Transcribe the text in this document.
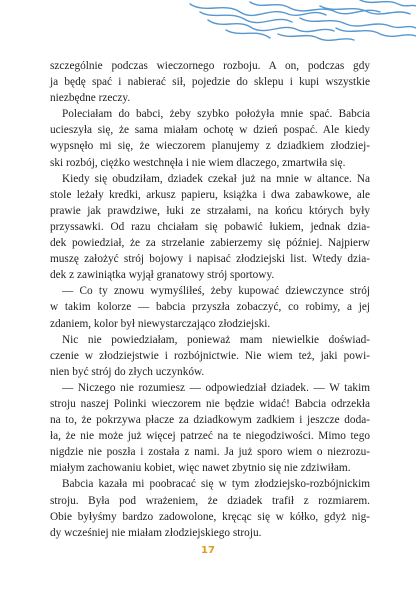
szczególnie podczas wieczornego rozboju. A on, podczas gdy
ja będę spać i nabierać sił, pojedzie do sklepu i kupi wszystkie
niezbędne rzeczy.
Poleciałam do babci, żeby szybko położyła mnie spać. Babcia
ucieszyła się, że sama miałam ochotę w dzień pospać. Ale kiedy
wypsnęło mi się, że wieczorem planujemy z dziadkiem złodziej-
ski rozbój, ciężko westchnęła i nie wiem dlaczego, zmartwiła się.
Kiedy się obudziłam, dziadek czekał już na mnie w altance. Na
stole leżały kredki, arkusz papieru, książka i dwa zabawkowe, ale
prawie jak prawdziwe, łuki ze strzałami, na końcu których były
przyssawki. Od razu chciałam się pobawić łukiem, jednak dzia-
dek powiedział, że za strzelanie zabierzemy się później. Najpierw
muszę założyć strój bojowy i napisać złodziejski list. Wtedy dzia-
dek z zawiniątka wyjął granatowy strój sportowy.
— Co ty znowu wymyśliłeś, żeby kupować dziewczynce strój
w takim kolorze — babcia przyszła zobaczyć, co robimy, a jej
zdaniem, kolor był niewystarczająco złodziejski.
Nic nie powiedziałam, ponieważ mam niewielkie doświad-
czenie w złodziejstwie i rozbójnictwie. Nie wiem też, jaki powi-
nien być strój do złych uczynków.
— Niczego nie rozumiesz — odpowiedział dziadek. — W takim
stroju naszej Polinki wieczorem nie będzie widać! Babcia odrzekła
na to, że pokrzywa płacze za dziadkowym zadkiem i jeszcze doda-
ła, że nie może już więcej patrzeć na te niegodziwości. Mimo tego
nigdzie nie poszła i została z nami. Ja już sporo wiem o niezrozu-
miałym zachowaniu kobiet, więc nawet zbytnio się nie zdziwiłam.
Babcia kazała mi poobracać się w tym złodziejsko-rozbójnickim
stroju. Była pod wrażeniem, że dziadek trafił z rozmiarem.
Obie byłyśmy bardzo zadowolone, kręcąc się w kółko, gdyż nig-
dy wcześniej nie miałam złodziejskiego stroju.
17
